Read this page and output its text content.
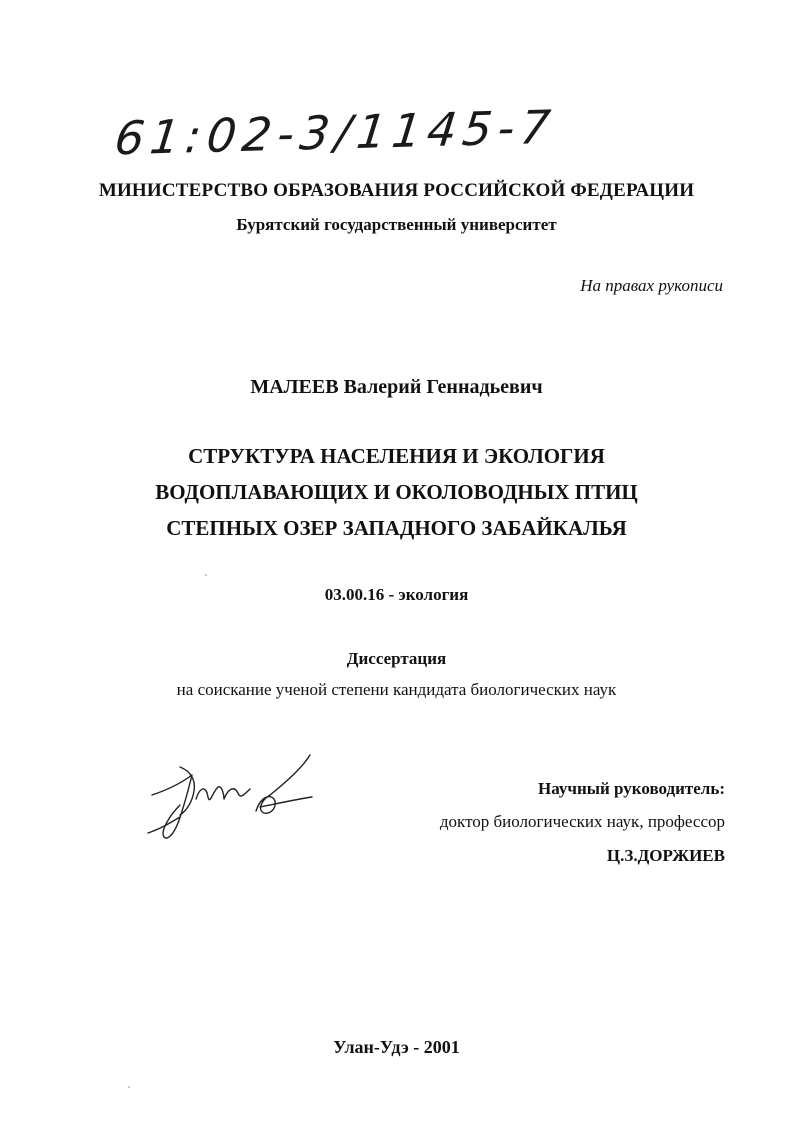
61:02-3/1145-7
МИНИСТЕРСТВО ОБРАЗОВАНИЯ РОССИЙСКОЙ ФЕДЕРАЦИИ
Бурятский государственный университет
На правах рукописи
МАЛЕЕВ Валерий Геннадьевич
СТРУКТУРА НАСЕЛЕНИЯ И ЭКОЛОГИЯ
ВОДОПЛАВАЮЩИХ И ОКОЛОВОДНЫХ ПТИЦ
СТЕПНЫХ ОЗЕР ЗАПАДНОГО ЗАБАЙКАЛЬЯ
03.00.16 - экология
Диссертация
на соискание ученой степени кандидата биологических наук
Научный руководитель:
доктор биологических наук, профессор
Ц.З.ДОРЖИЕВ
Улан-Удэ - 2001
